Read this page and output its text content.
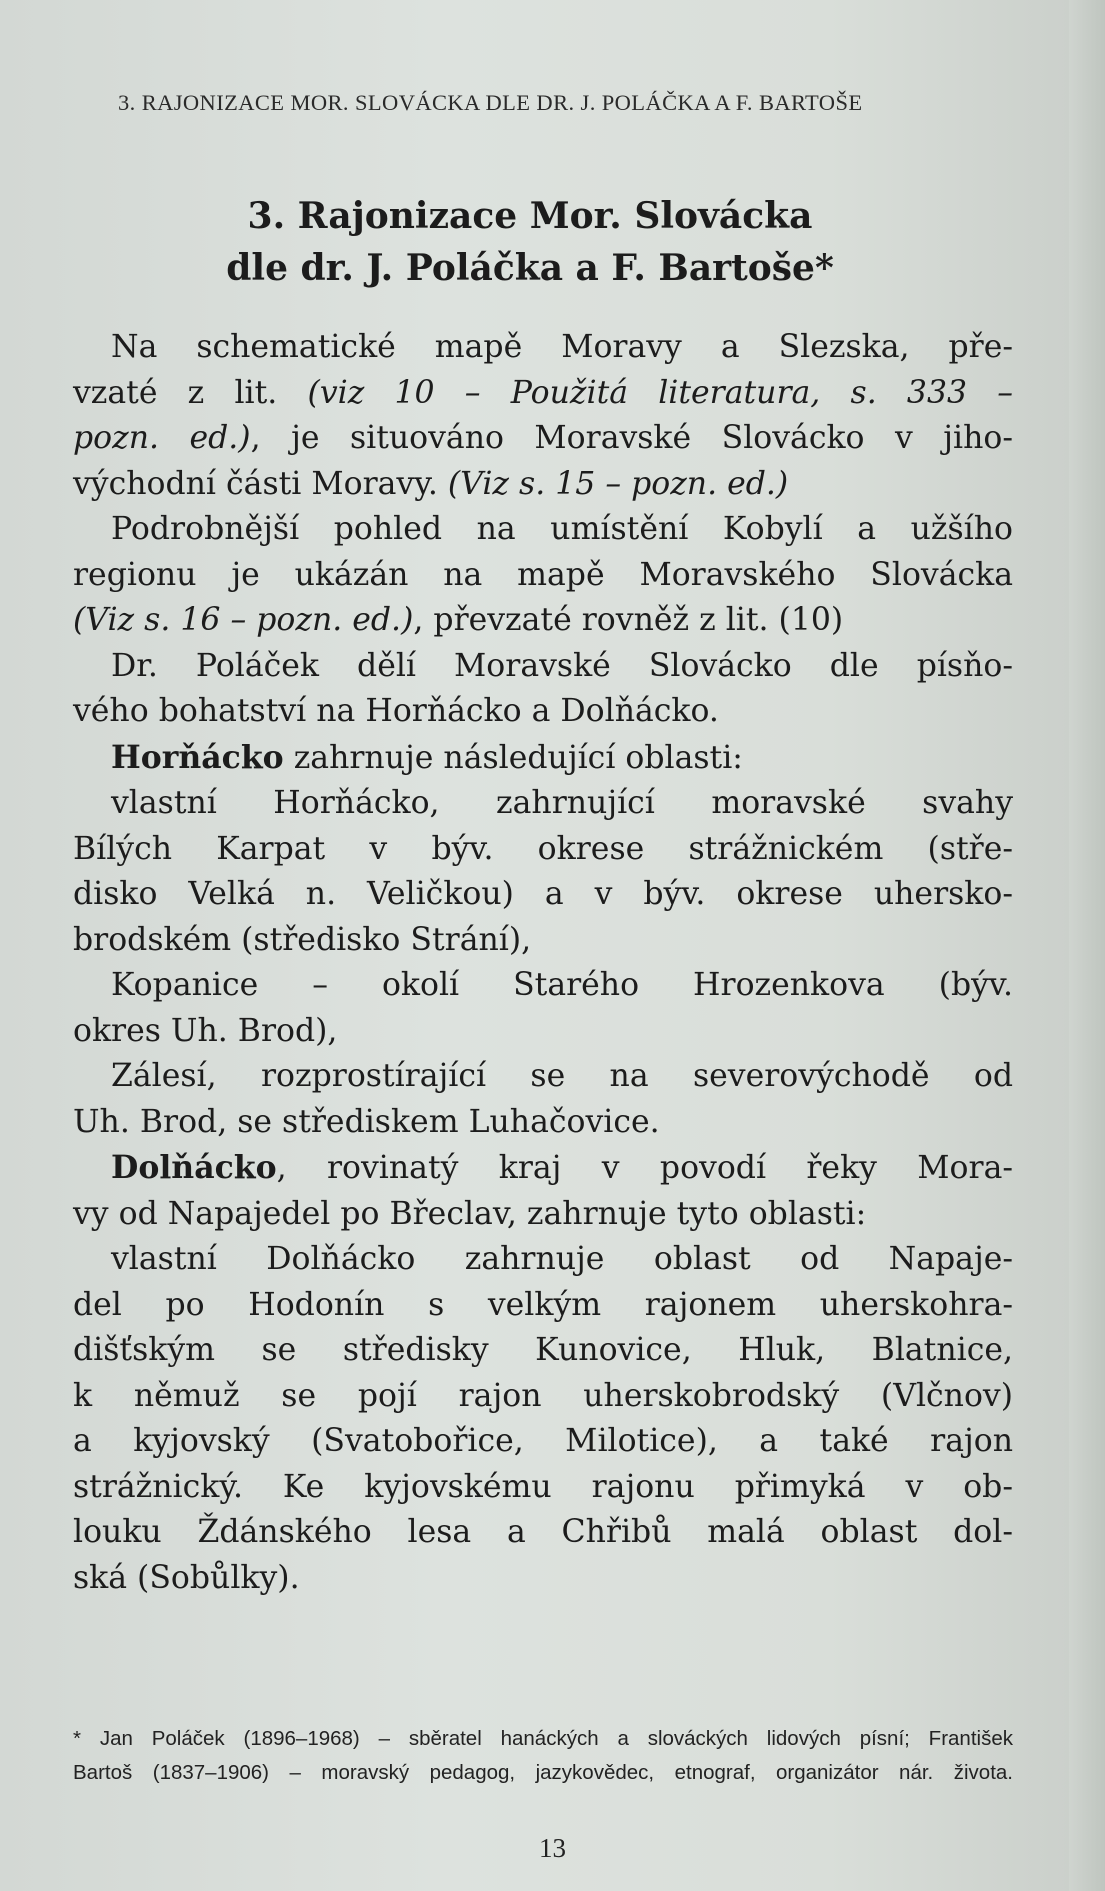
3. RAJONIZACE MOR. SLOVÁCKA DLE DR. J. POLÁČKA A F. BARTOŠE
3. Rajonizace Mor. Slovácka
dle dr. J. Poláčka a F. Bartoše*
Na schematické mapě Moravy a Slezska, pře-
vzaté z lit. (viz 10 – Použitá literatura, s. 333 –
pozn. ed.), je situováno Moravské Slovácko v jiho-
východní části Moravy. (Viz s. 15 – pozn. ed.)
Podrobnější pohled na umístění Kobylí a užšího
regionu je ukázán na mapě Moravského Slovácka
(Viz s. 16 – pozn. ed.), převzaté rovněž z lit. (10)
Dr. Poláček dělí Moravské Slovácko dle písňo-
vého bohatství na Horňácko a Dolňácko.
Horňácko zahrnuje následující oblasti:
vlastní Horňácko, zahrnující moravské svahy
Bílých Karpat v býv. okrese strážnickém (stře-
disko Velká n. Veličkou) a v býv. okrese uhersko-
brodském (středisko Strání),
Kopanice – okolí Starého Hrozenkova (býv.
okres Uh. Brod),
Zálesí, rozprostírající se na severovýchodě od
Uh. Brod, se střediskem Luhačovice.
Dolňácko, rovinatý kraj v povodí řeky Mora-
vy od Napajedel po Břeclav, zahrnuje tyto oblasti:
vlastní Dolňácko zahrnuje oblast od Napaje-
del po Hodonín s velkým rajonem uherskohra-
dišťským se středisky Kunovice, Hluk, Blatnice,
k němuž se pojí rajon uherskobrodský (Vlčnov)
a kyjovský (Svatobořice, Milotice), a také rajon
strážnický. Ke kyjovskému rajonu přimyká v ob-
louku Ždánského lesa a Chřibů malá oblast dol-
ská (Sobůlky).
* Jan Poláček (1896–1968) – sběratel hanáckých a slováckých lidových písní; František
Bartoš (1837–1906) – moravský pedagog, jazykovědec, etnograf, organizátor nár. života.
13
